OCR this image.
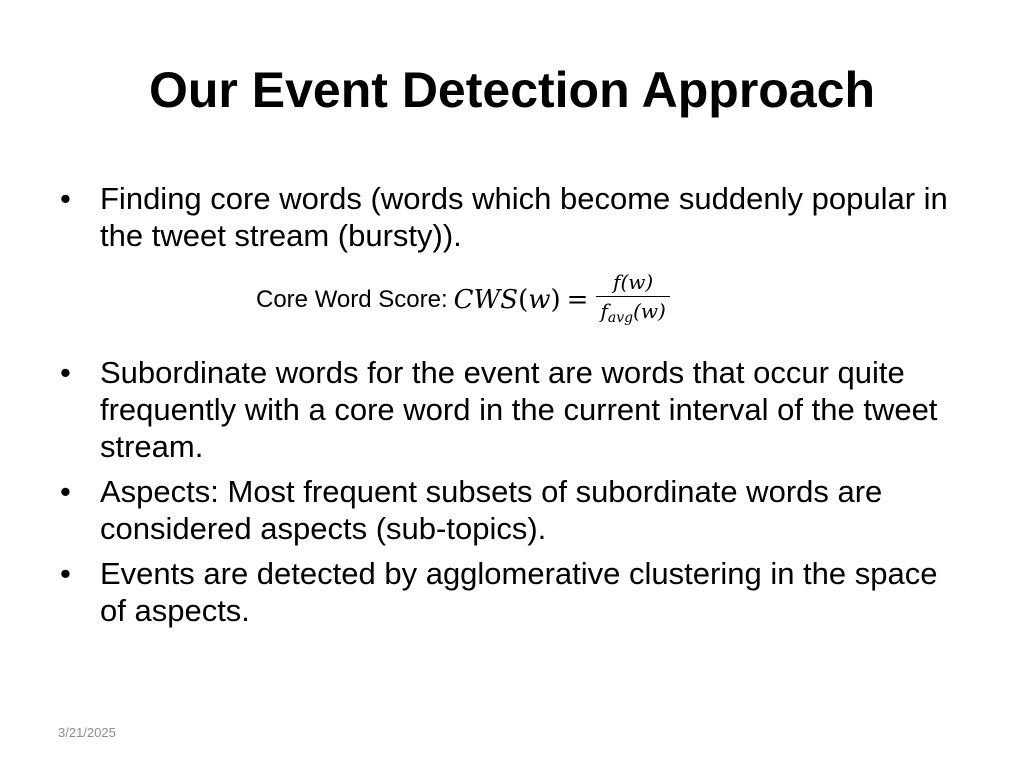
Our Event Detection Approach
• Finding core words (words which become suddenly popular in the tweet stream (bursty)).
Core Word Score: $CWS(w) = \frac{f(w)}{f_{avg}(w)}$
• Subordinate words for the event are words that occur quite frequently with a core word in the current interval of the tweet stream.
• Aspects: Most frequent subsets of subordinate words are considered aspects (sub-topics).
• Events are detected by agglomerative clustering in the space of aspects.
3/21/2025
